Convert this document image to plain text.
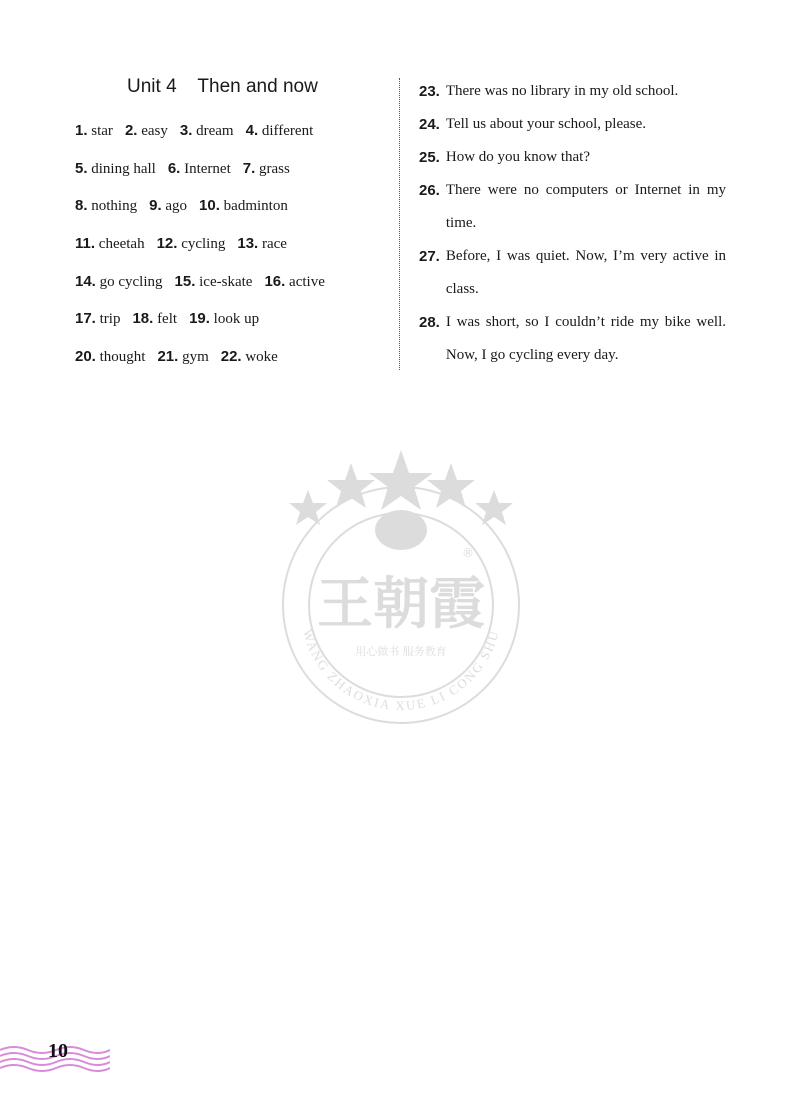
Unit 4    Then and now
1. star 2. easy 3. dream 4. different
5. dining hall 6. Internet 7. grass
8. nothing 9. ago 10. badminton
11. cheetah 12. cycling 13. race
14. go cycling 15. ice-skate 16. active
17. trip 18. felt 19. look up
20. thought 21. gym 22. woke
23. There was no library in my old school.
24. Tell us about your school, please.
25. How do you know that?
26. There were no computers or Internet in my time.
27. Before, I was quiet. Now, I’m very active in class.
28. I was short, so I couldn’t ride my bike well. Now, I go cycling every day.
王朝霞
®
用心做书 服务教育
WANG ZHAOXIA XUE LI CONG SHU
10
